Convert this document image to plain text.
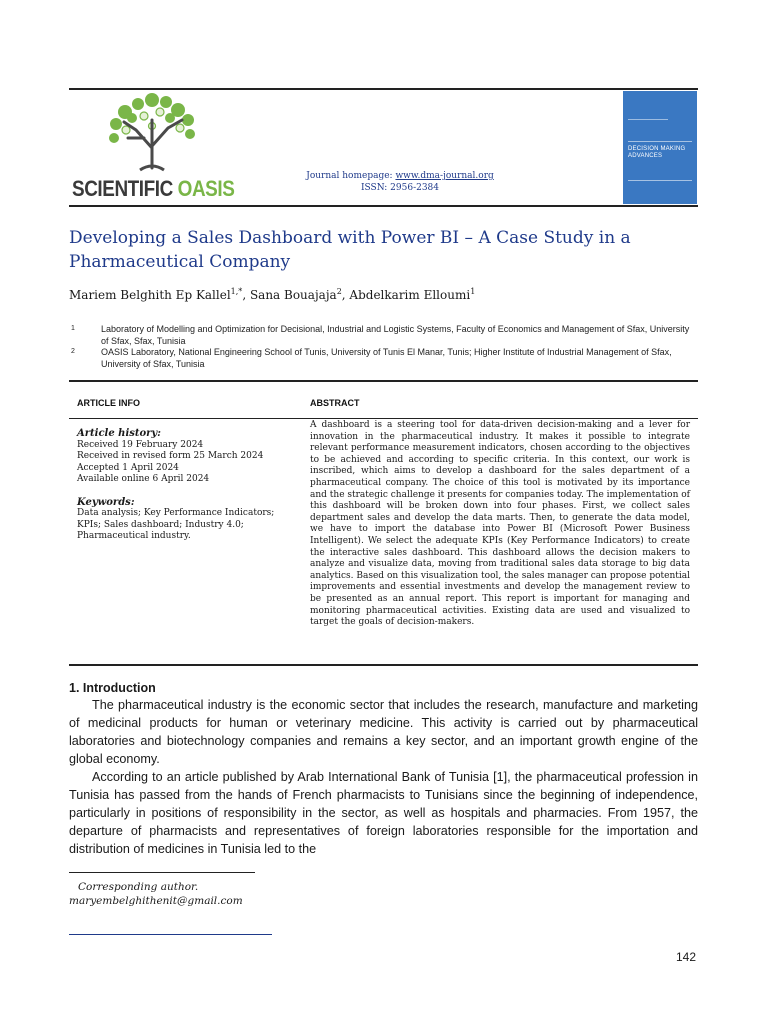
SCIENTIFIC OASIS	Journal homepage: www.dma-journal.org
ISSN: 2956-2384
DECISION MAKING
ADVANCES
Developing a Sales Dashboard with Power BI – A Case Study in a
Pharmaceutical Company
Mariem Belghith Ep Kallel$^{1,*}$, Sana Bouajaja$^2$, Abdelkarim Elloumi$^1$
1	Laboratory of Modelling and Optimization for Decisional, Industrial and Logistic Systems, Faculty of Economics and Management of Sfax, University of Sfax, Sfax, Tunisia
2	OASIS Laboratory, National Engineering School of Tunis, University of Tunis El Manar, Tunis; Higher Institute of Industrial Management of Sfax, University of Sfax, Tunisia
ARTICLE INFO	ABSTRACT
Article history:
Received 19 February 2024
Received in revised form 25 March 2024
Accepted 1 April 2024
Available online 6 April 2024
Keywords:
Data analysis; Key Performance Indicators; KPIs; Sales dashboard; Industry 4.0; Pharmaceutical industry.
A dashboard is a steering tool for data-driven decision-making and a lever for innovation in the pharmaceutical industry. It makes it possible to integrate relevant performance measurement indicators, chosen according to the objectives to be achieved and according to specific criteria. In this context, our work is inscribed, which aims to develop a dashboard for the sales department of a pharmaceutical company. The choice of this tool is motivated by its importance and the strategic challenge it presents for companies today. The implementation of this dashboard will be broken down into four phases. First, we collect sales department sales and develop the data marts. Then, to generate the data model, we have to import the database into Power BI (Microsoft Power Business Intelligent). We select the adequate KPIs (Key Performance Indicators) to create the interactive sales dashboard. This dashboard allows the decision makers to analyze and visualize data, moving from traditional sales data storage to big data analytics. Based on this visualization tool, the sales manager can propose potential improvements and essential investments and develop the management review to be presented as an annual report. This report is important for managing and monitoring pharmaceutical activities. Existing data are used and visualized to target the goals of decision-makers.
1. Introduction
The pharmaceutical industry is the economic sector that includes the research, manufacture and marketing of medicinal products for human or veterinary medicine. This activity is carried out by pharmaceutical laboratories and biotechnology companies and remains a key sector, and an important growth engine of the global economy.
According to an article published by Arab International Bank of Tunisia [1], the pharmaceutical profession in Tunisia has passed from the hands of French pharmacists to Tunisians since the beginning of independence, particularly in positions of responsibility in the sector, as well as hospitals and pharmacies. From 1957, the departure of pharmacists and representatives of foreign laboratories responsible for the importation and distribution of medicines in Tunisia led to the
Corresponding author.
maryembelghithenit@gmail.com
142
